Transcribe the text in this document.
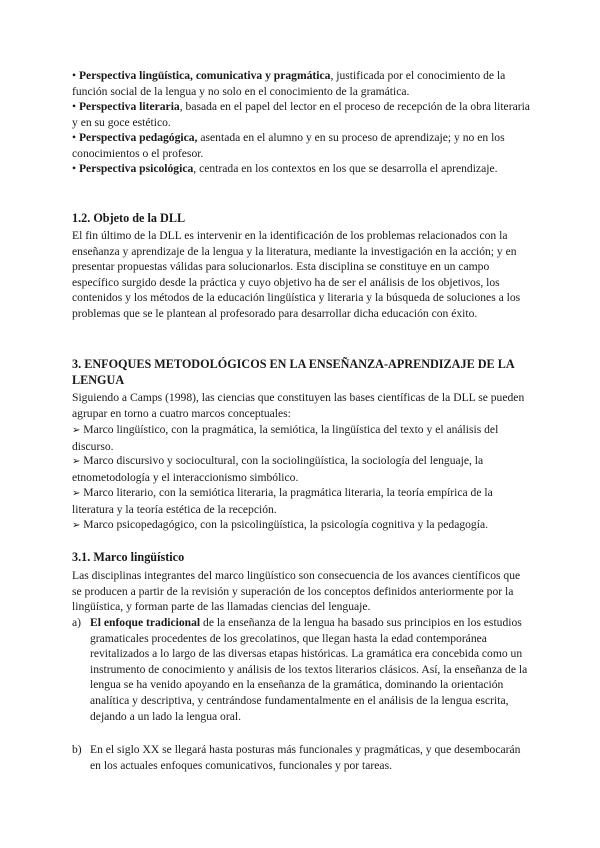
• Perspectiva lingüística, comunicativa y pragmática, justificada por el conocimiento de la función social de la lengua y no solo en el conocimiento de la gramática.

• Perspectiva literaria, basada en el papel del lector en el proceso de recepción de la obra literaria y en su goce estético.

• Perspectiva pedagógica, asentada en el alumno y en su proceso de aprendizaje; y no en los conocimientos o el profesor.

• Perspectiva psicológica, centrada en los contextos en los que se desarrolla el aprendizaje.

1.2. Objeto de la DLL

El fin último de la DLL es intervenir en la identificación de los problemas relacionados con la enseñanza y aprendizaje de la lengua y la literatura, mediante la investigación en la acción; y en presentar propuestas válidas para solucionarlos. Esta disciplina se constituye en un campo específico surgido desde la práctica y cuyo objetivo ha de ser el análisis de los objetivos, los contenidos y los métodos de la educación lingüística y literaria y la búsqueda de soluciones a los problemas que se le plantean al profesorado para desarrollar dicha educación con éxito.

3. ENFOQUES METODOLÓGICOS EN LA ENSEÑANZA-APRENDIZAJE DE LA LENGUA

Siguiendo a Camps (1998), las ciencias que constituyen las bases científicas de la DLL se pueden agrupar en torno a cuatro marcos conceptuales:

➢ Marco lingüístico, con la pragmática, la semiótica, la lingüística del texto y el análisis del discurso.

➢ Marco discursivo y sociocultural, con la sociolingüística, la sociología del lenguaje, la etnometodología y el interaccionismo simbólico.

➢ Marco literario, con la semiótica literaria, la pragmática literaria, la teoría empírica de la literatura y la teoría estética de la recepción.

➢ Marco psicopedagógico, con la psicolingüística, la psicología cognitiva y la pedagogía.

3.1. Marco lingüístico

Las disciplinas integrantes del marco lingüístico son consecuencia de los avances científicos que se producen a partir de la revisión y superación de los conceptos definidos anteriormente por la lingüística, y forman parte de las llamadas ciencias del lenguaje.

a) El enfoque tradicional de la enseñanza de la lengua ha basado sus principios en los estudios gramaticales procedentes de los grecolatinos, que llegan hasta la edad contemporánea revitalizados a lo largo de las diversas etapas históricas. La gramática era concebida como un instrumento de conocimiento y análisis de los textos literarios clásicos. Así, la enseñanza de la lengua se ha venido apoyando en la enseñanza de la gramática, dominando la orientación analítica y descriptiva, y centrándose fundamentalmente en el análisis de la lengua escrita, dejando a un lado la lengua oral.

b) En el siglo XX se llegará hasta posturas más funcionales y pragmáticas, y que desembocarán en los actuales enfoques comunicativos, funcionales y por tareas.
